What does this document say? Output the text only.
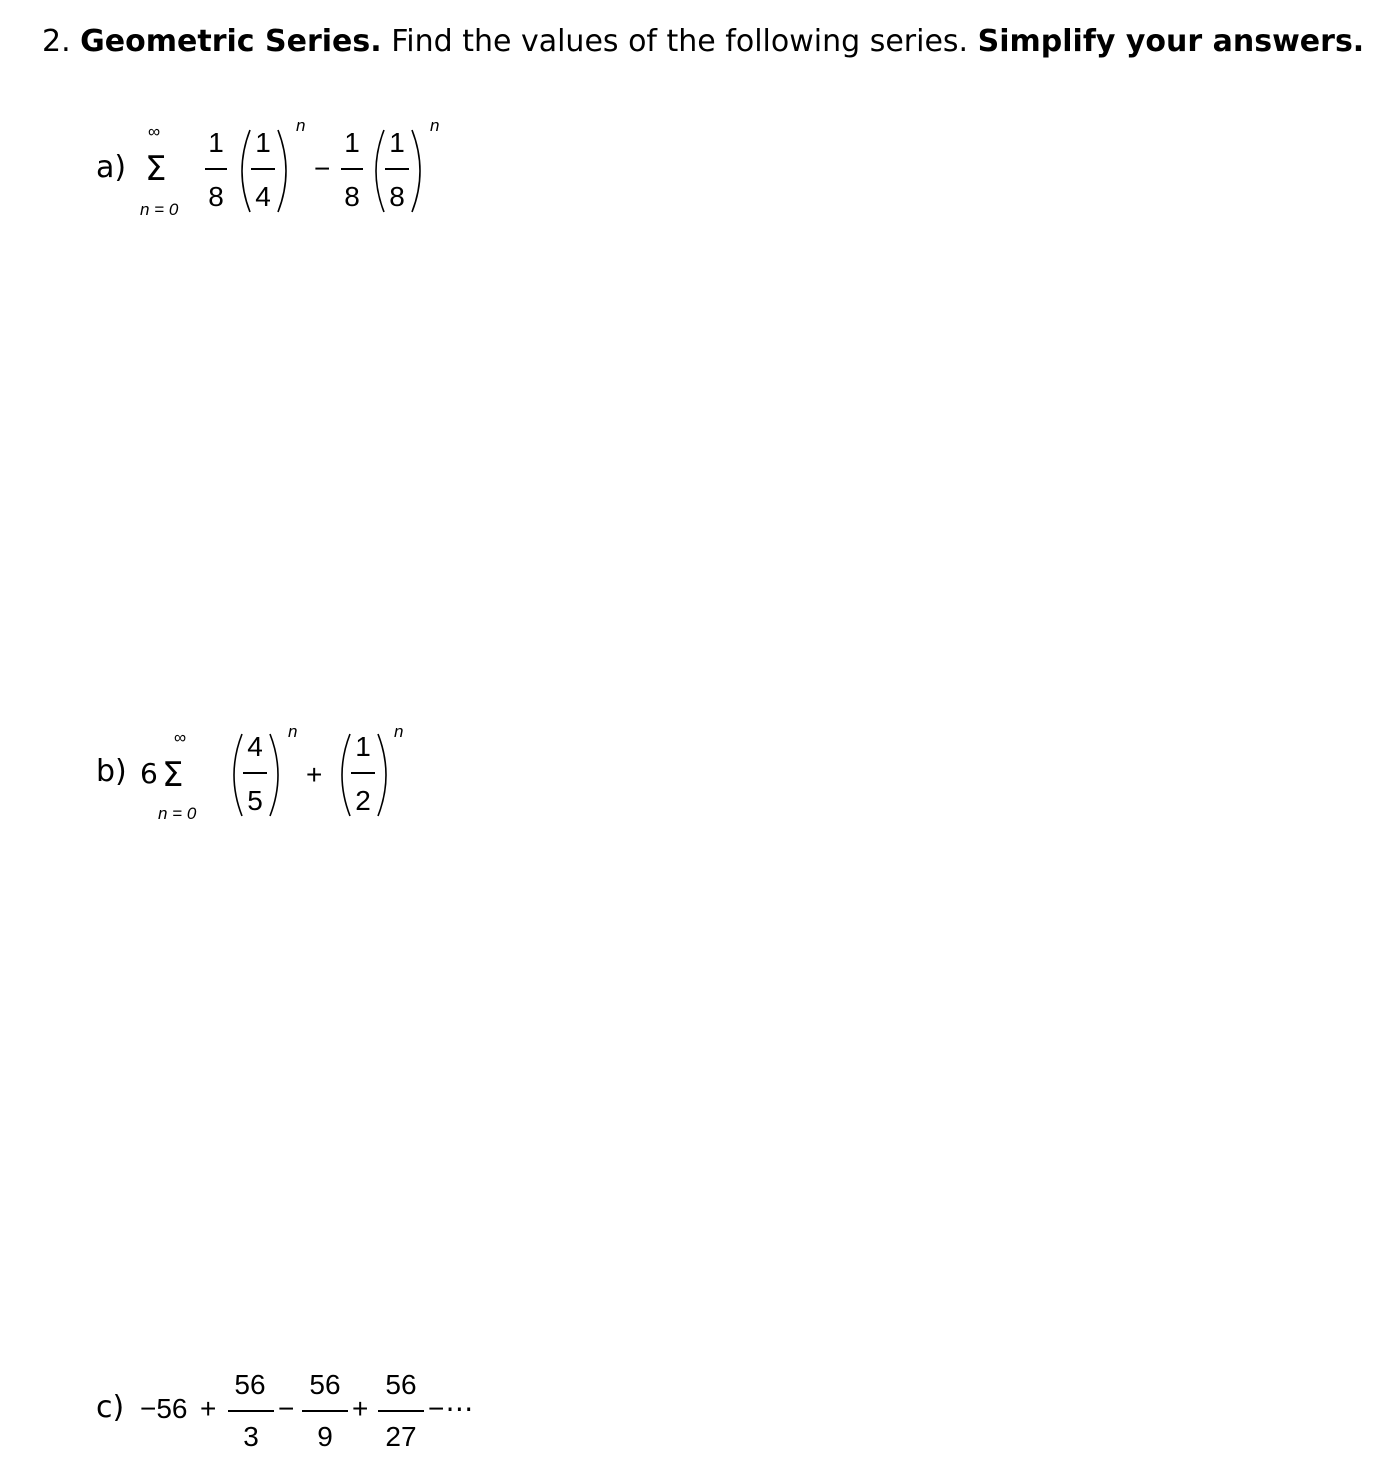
2. Geometric Series. Find the values of the following series. Simplify your answers.
a)
∞
Σ
n = 0
1
8
1
4
n
−
1
8
1
8
n
b) 6
∞
Σ
n = 0
4
5
n
+
1
2
n
c) −56 +
56
3
−
56
9
+
56
27
−⋯
